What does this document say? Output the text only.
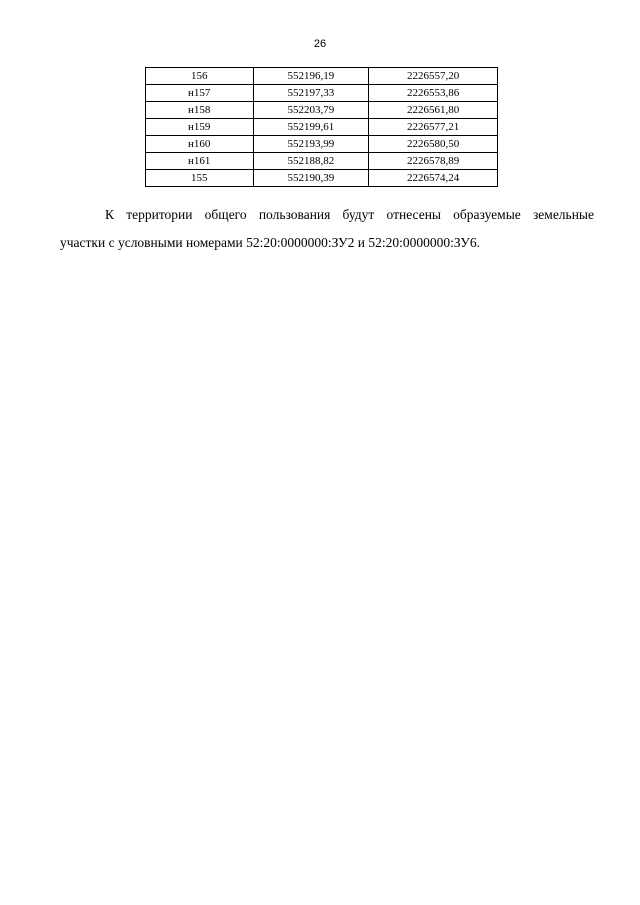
26
156	552196,19	2226557,20
н157	552197,33	2226553,86
н158	552203,79	2226561,80
н159	552199,61	2226577,21
н160	552193,99	2226580,50
н161	552188,82	2226578,89
155	552190,39	2226574,24
К территории общего пользования будут отнесены образуемые земельные
участки с условными номерами 52:20:0000000:ЗУ2 и 52:20:0000000:ЗУ6.
